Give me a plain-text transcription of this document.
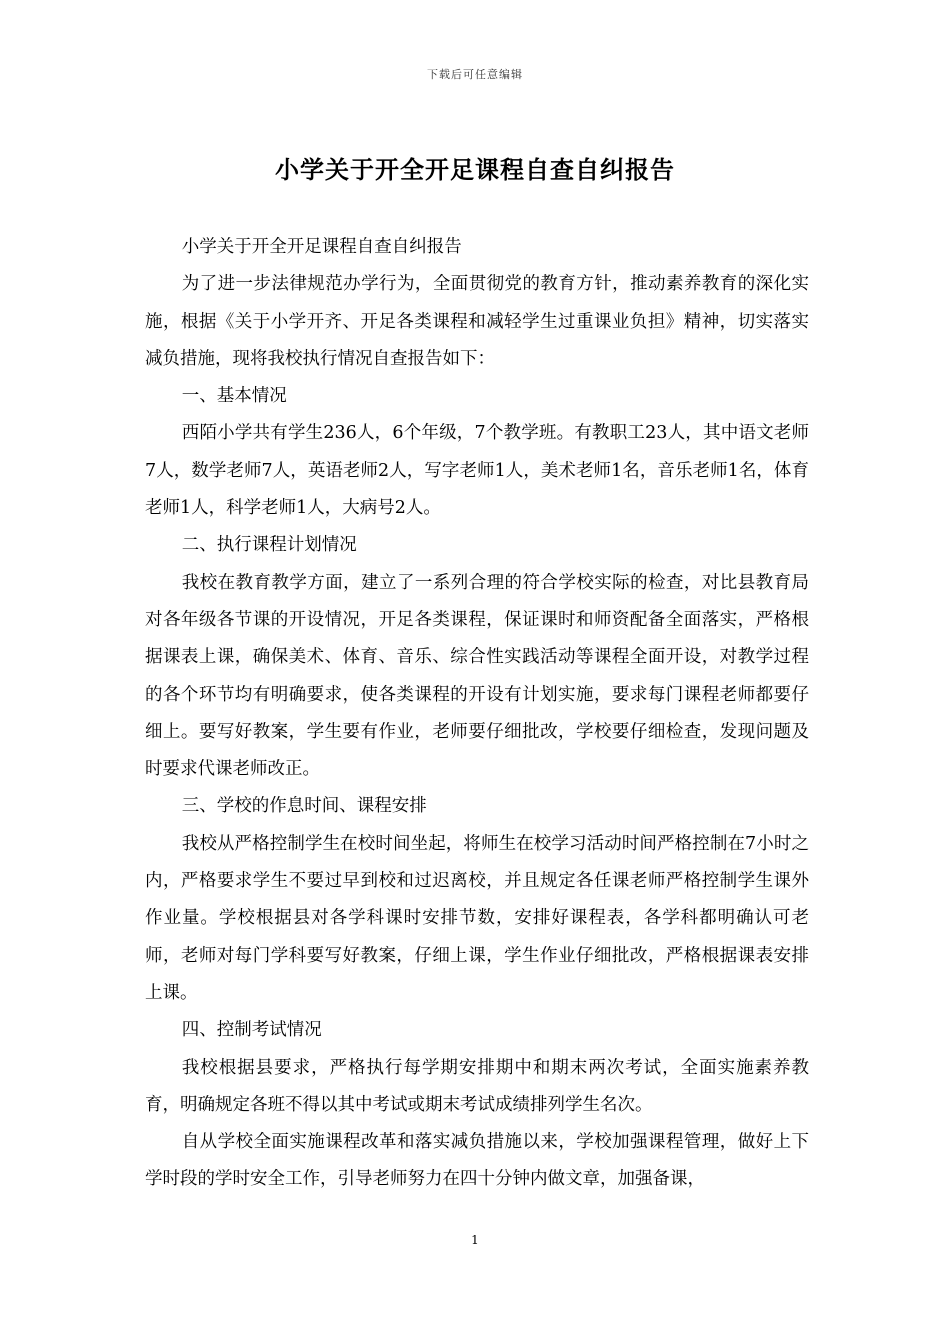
下载后可任意编辑
小学关于开全开足课程自查自纠报告

小学关于开全开足课程自查自纠报告

为了进一步法律规范办学行为，全面贯彻党的教育方针，推动素养教育的深化实施，根据《关于小学开齐、开足各类课程和减轻学生过重课业负担》精神，切实落实减负措施，现将我校执行情况自查报告如下：

一、基本情况

西陌小学共有学生236人，6个年级，7个教学班。有教职工23人，其中语文老师7人，数学老师7人，英语老师2人，写字老师1人，美术老师1名，音乐老师1名，体育老师1人，科学老师1人，大病号2人。

二、执行课程计划情况

我校在教育教学方面，建立了一系列合理的符合学校实际的检查，对比县教育局对各年级各节课的开设情况，开足各类课程，保证课时和师资配备全面落实，严格根据课表上课，确保美术、体育、音乐、综合性实践活动等课程全面开设，对教学过程的各个环节均有明确要求，使各类课程的开设有计划实施，要求每门课程老师都要仔细上。要写好教案，学生要有作业，老师要仔细批改，学校要仔细检查，发现问题及时要求代课老师改正。

三、学校的作息时间、课程安排

我校从严格控制学生在校时间坐起，将师生在校学习活动时间严格控制在7小时之内，严格要求学生不要过早到校和过迟离校，并且规定各任课老师严格控制学生课外作业量。学校根据县对各学科课时安排节数，安排好课程表，各学科都明确认可老师，老师对每门学科要写好教案，仔细上课，学生作业仔细批改，严格根据课表安排上课。

四、控制考试情况

我校根据县要求，严格执行每学期安排期中和期末两次考试，全面实施素养教育，明确规定各班不得以其中考试或期末考试成绩排列学生名次。

自从学校全面实施课程改革和落实减负措施以来，学校加强课程管理，做好上下学时段的学时安全工作，引导老师努力在四十分钟内做文章，加强备课，

1
